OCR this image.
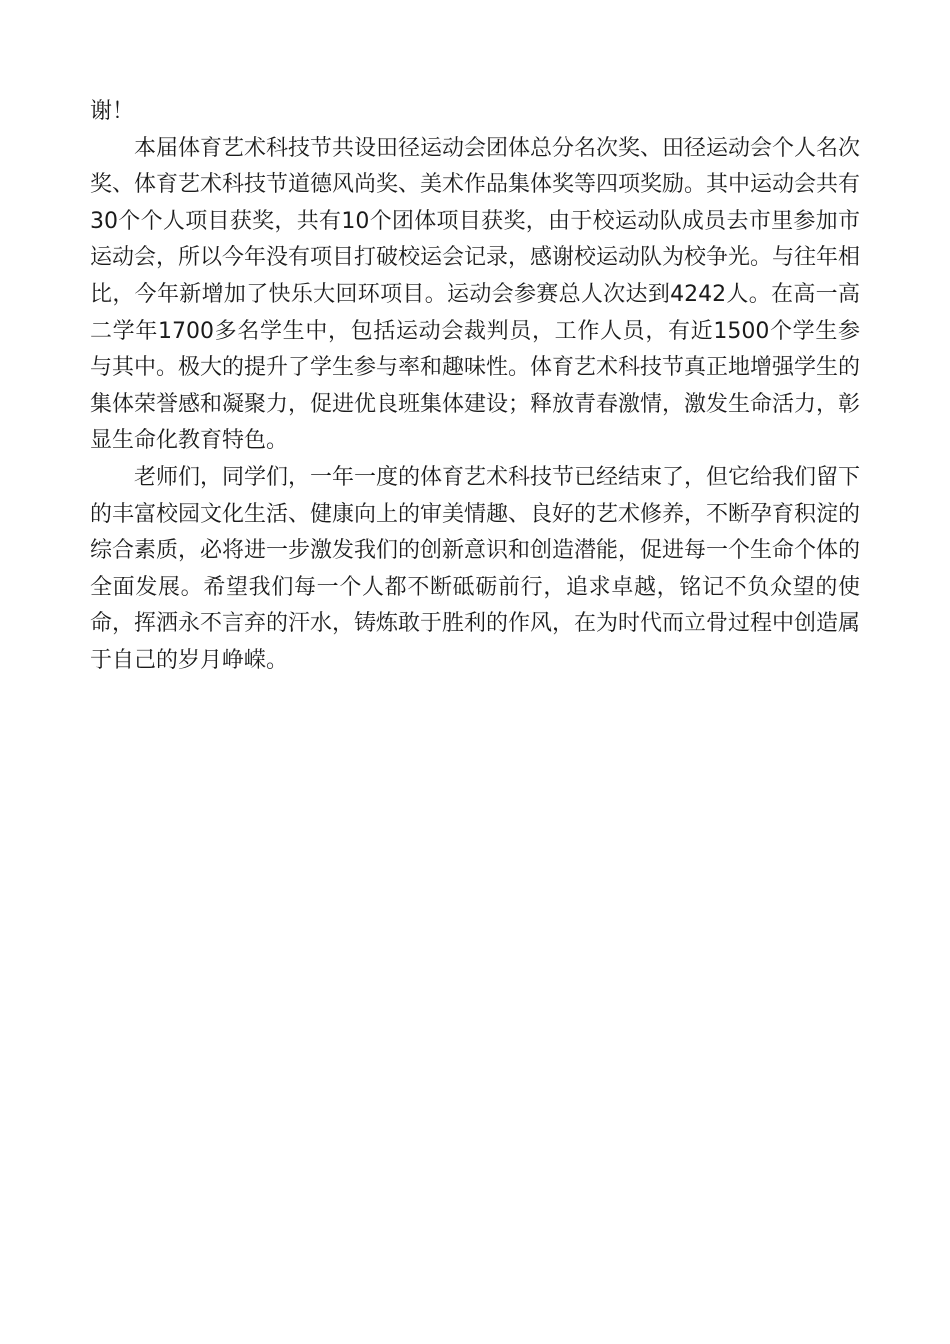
谢！

本届体育艺术科技节共设田径运动会团体总分名次奖、田径运动会个人名次奖、体育艺术科技节道德风尚奖、美术作品集体奖等四项奖励。其中运动会共有30个个人项目获奖，共有10个团体项目获奖，由于校运动队成员去市里参加市运动会，所以今年没有项目打破校运会记录，感谢校运动队为校争光。与往年相比，今年新增加了快乐大回环项目。运动会参赛总人次达到4242人。在高一高二学年1700多名学生中，包括运动会裁判员，工作人员，有近1500个学生参与其中。极大的提升了学生参与率和趣味性。体育艺术科技节真正地增强学生的集体荣誉感和凝聚力，促进优良班集体建设；释放青春激情，激发生命活力，彰显生命化教育特色。

老师们，同学们，一年一度的体育艺术科技节已经结束了，但它给我们留下的丰富校园文化生活、健康向上的审美情趣、良好的艺术修养，不断孕育积淀的综合素质，必将进一步激发我们的创新意识和创造潜能，促进每一个生命个体的全面发展。希望我们每一个人都不断砥砺前行，追求卓越，铭记不负众望的使命，挥洒永不言弃的汗水，铸炼敢于胜利的作风，在为时代而立骨过程中创造属于自己的岁月峥嵘。
